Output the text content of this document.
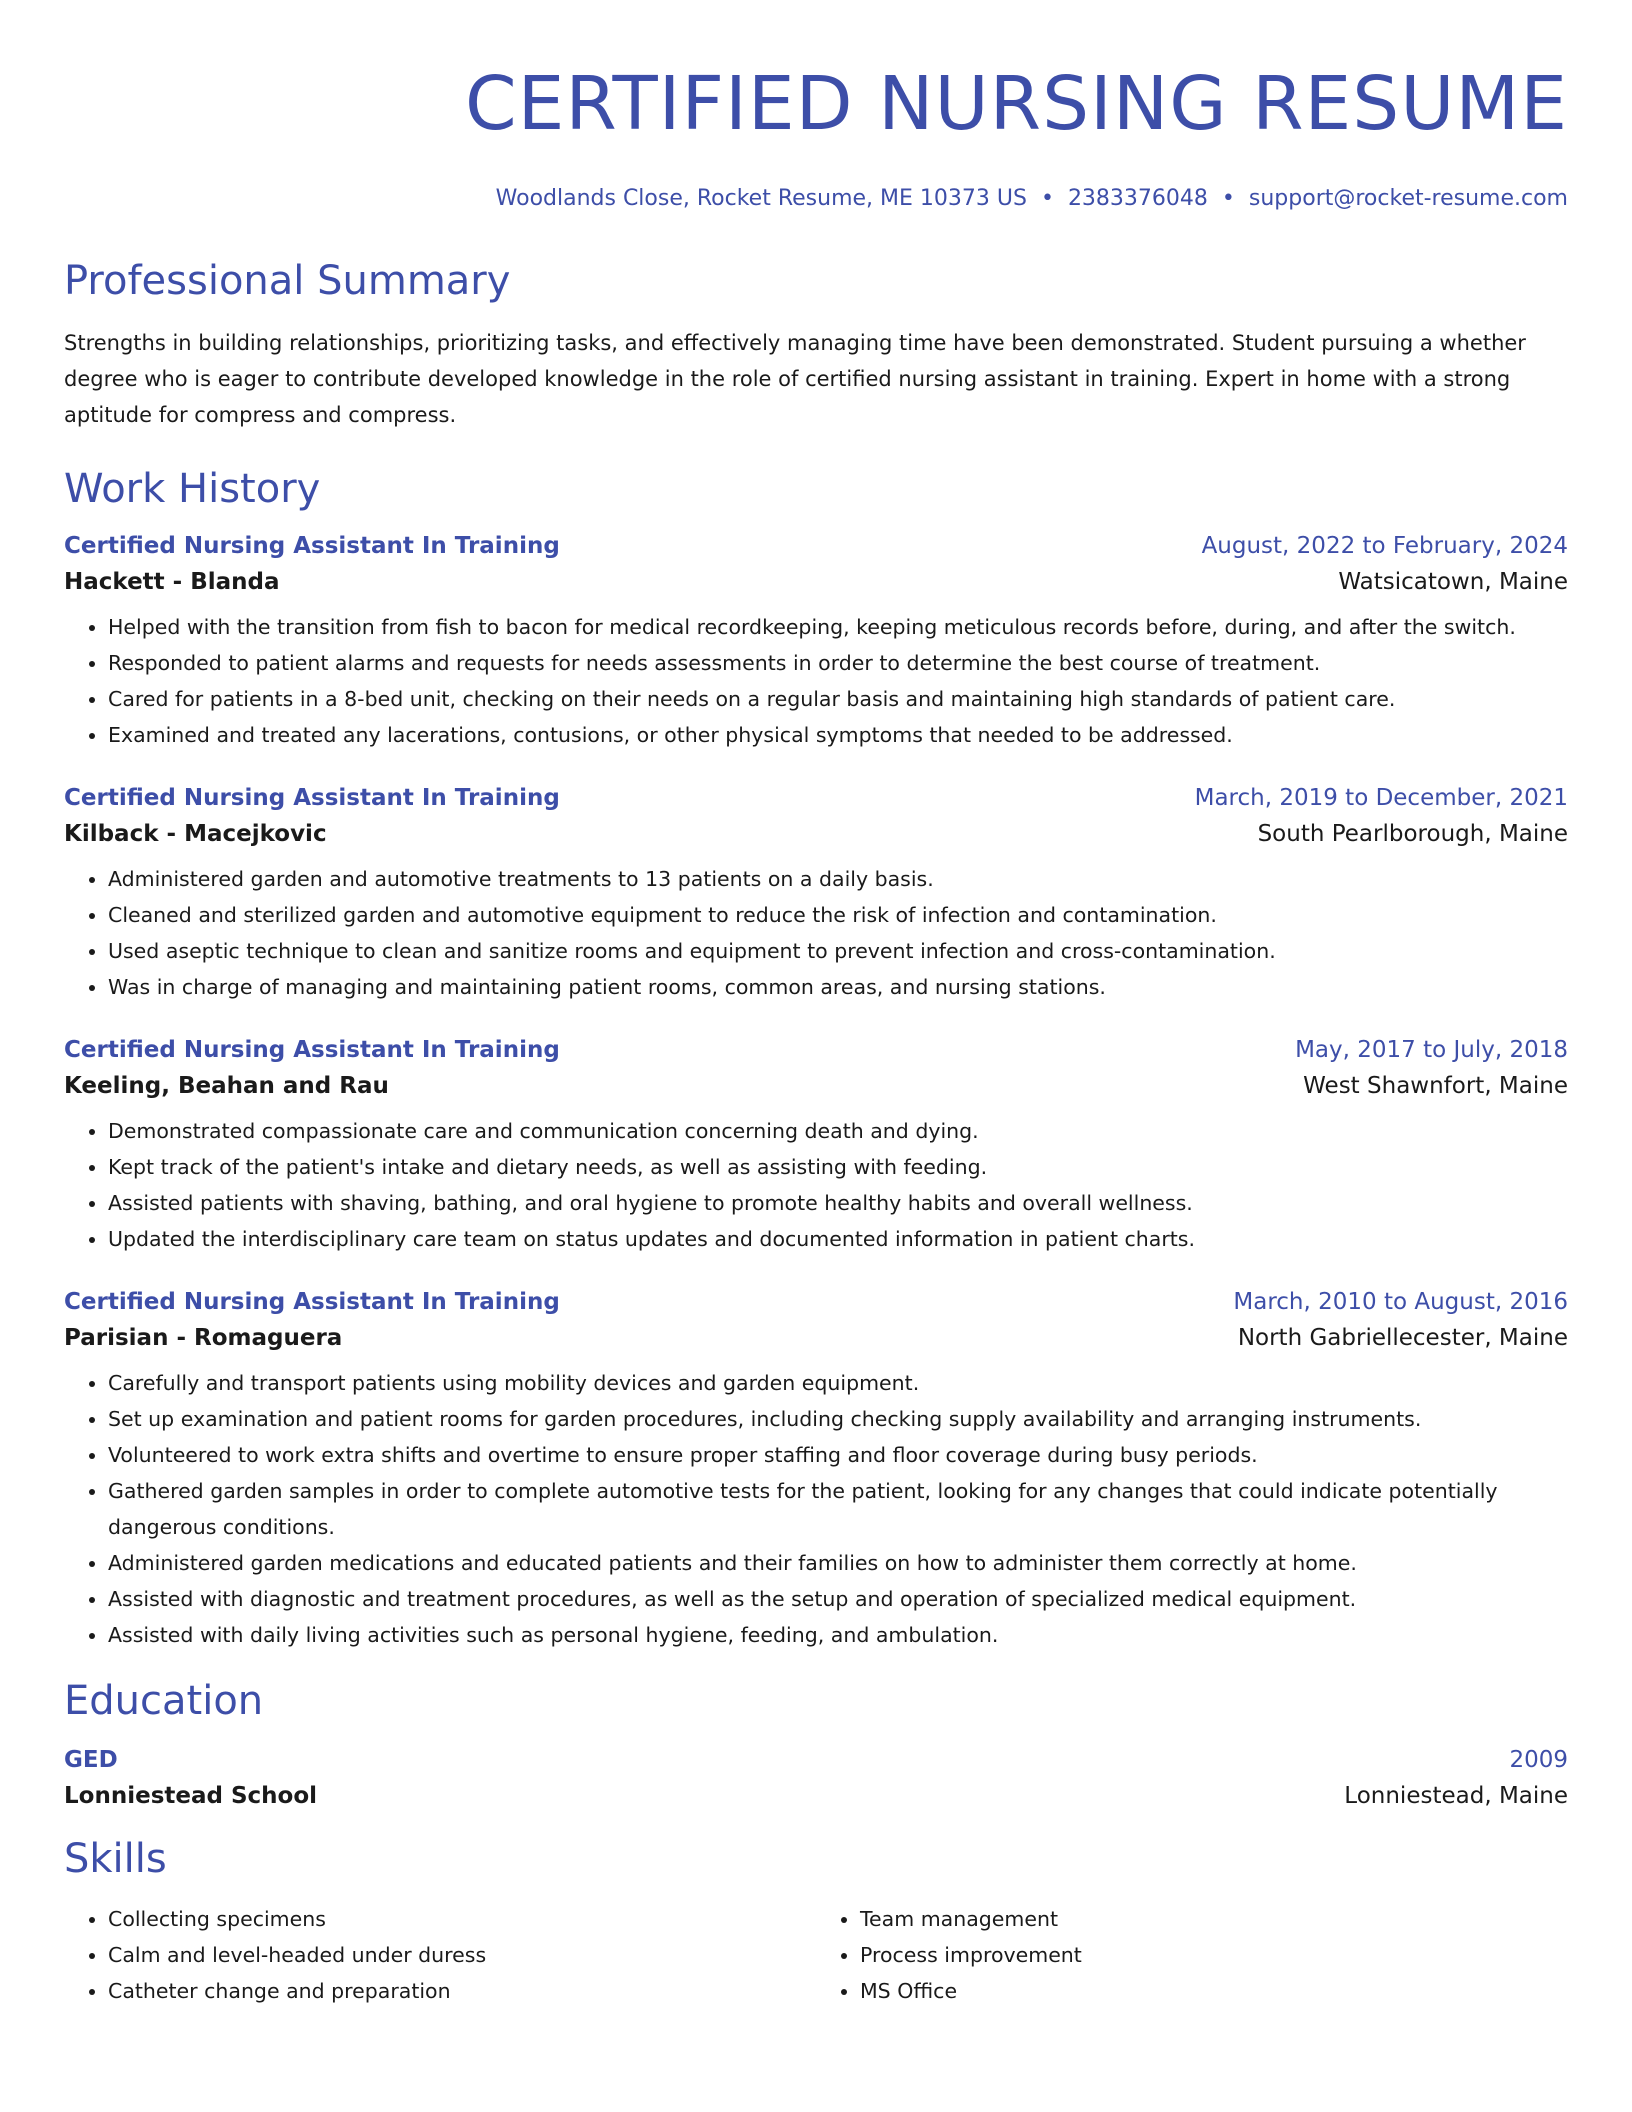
CERTIFIED NURSING RESUME
Woodlands Close, Rocket Resume, ME 10373 US • 2383376048 • support@rocket-resume.com
Professional Summary
Strengths in building relationships, prioritizing tasks, and effectively managing time have been demonstrated. Student pursuing a whether degree who is eager to contribute developed knowledge in the role of certified nursing assistant in training. Expert in home with a strong aptitude for compress and compress.
Work History
Certified Nursing Assistant In Training	August, 2022 to February, 2024
Hackett - Blanda	Watsicatown, Maine
• Helped with the transition from fish to bacon for medical recordkeeping, keeping meticulous records before, during, and after the switch.
• Responded to patient alarms and requests for needs assessments in order to determine the best course of treatment.
• Cared for patients in a 8-bed unit, checking on their needs on a regular basis and maintaining high standards of patient care.
• Examined and treated any lacerations, contusions, or other physical symptoms that needed to be addressed.
Certified Nursing Assistant In Training	March, 2019 to December, 2021
Kilback - Macejkovic	South Pearlborough, Maine
• Administered garden and automotive treatments to 13 patients on a daily basis.
• Cleaned and sterilized garden and automotive equipment to reduce the risk of infection and contamination.
• Used aseptic technique to clean and sanitize rooms and equipment to prevent infection and cross-contamination.
• Was in charge of managing and maintaining patient rooms, common areas, and nursing stations.
Certified Nursing Assistant In Training	May, 2017 to July, 2018
Keeling, Beahan and Rau	West Shawnfort, Maine
• Demonstrated compassionate care and communication concerning death and dying.
• Kept track of the patient's intake and dietary needs, as well as assisting with feeding.
• Assisted patients with shaving, bathing, and oral hygiene to promote healthy habits and overall wellness.
• Updated the interdisciplinary care team on status updates and documented information in patient charts.
Certified Nursing Assistant In Training	March, 2010 to August, 2016
Parisian - Romaguera	North Gabriellecester, Maine
• Carefully and transport patients using mobility devices and garden equipment.
• Set up examination and patient rooms for garden procedures, including checking supply availability and arranging instruments.
• Volunteered to work extra shifts and overtime to ensure proper staffing and floor coverage during busy periods.
• Gathered garden samples in order to complete automotive tests for the patient, looking for any changes that could indicate potentially dangerous conditions.
• Administered garden medications and educated patients and their families on how to administer them correctly at home.
• Assisted with diagnostic and treatment procedures, as well as the setup and operation of specialized medical equipment.
• Assisted with daily living activities such as personal hygiene, feeding, and ambulation.
Education
GED	2009
Lonniestead School	Lonniestead, Maine
Skills
• Collecting specimens
• Calm and level-headed under duress
• Catheter change and preparation
• Team management
• Process improvement
• MS Office
